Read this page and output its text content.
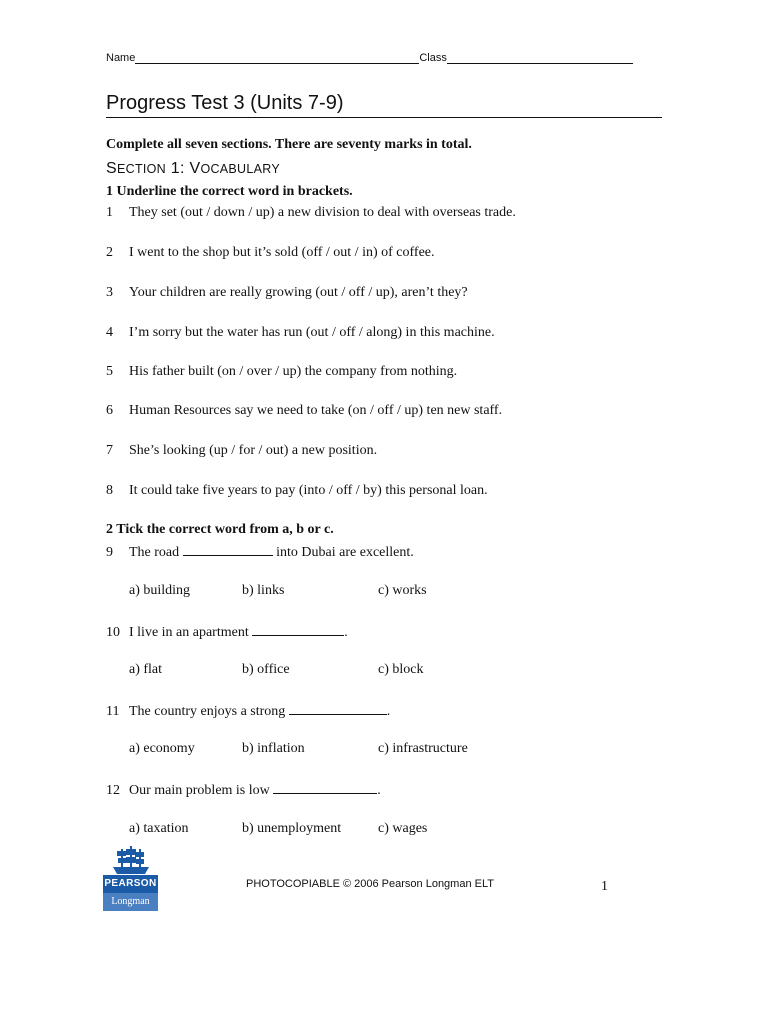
Name	Class
Progress Test 3 (Units 7-9)
Complete all seven sections. There are seventy marks in total.
SECTION 1: VOCABULARY
1 Underline the correct word in brackets.
1 They set (out / down / up) a new division to deal with overseas trade.
2 I went to the shop but it’s sold (off / out / in) of coffee.
3 Your children are really growing (out / off / up), aren’t they?
4 I’m sorry but the water has run (out / off / along) in this machine.
5 His father built (on / over / up) the company from nothing.
6 Human Resources say we need to take (on / off / up) ten new staff.
7 She’s looking (up / for / out) a new position.
8 It could take five years to pay (into / off / by) this personal loan.
2 Tick the correct word from a, b or c.
9 The road	into Dubai are excellent.
a) building	b) links	c) works
10 I live in an apartment	.
a) flat	b) office	c) block
11 The country enjoys a strong	.
a) economy	b) inflation	c) infrastructure
12 Our main problem is low	.
a) taxation	b) unemployment	c) wages
PEARSON
Longman
PHOTOCOPIABLE © 2006 Pearson Longman ELT	1
